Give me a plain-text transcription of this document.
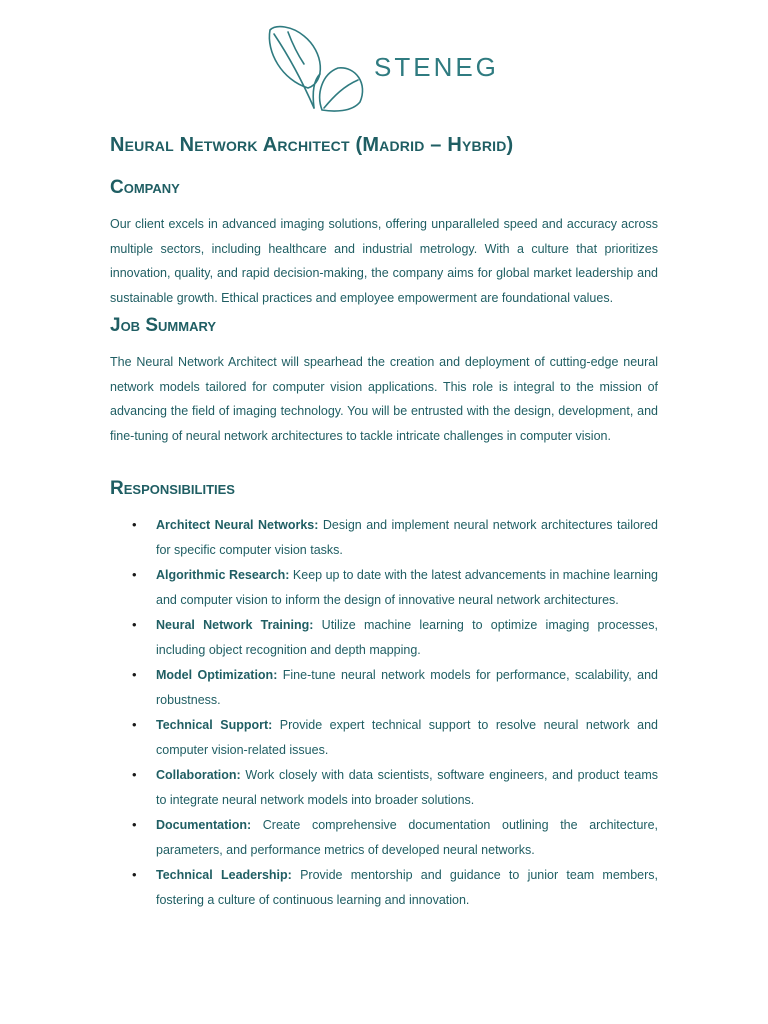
STENEG
Neural Network Architect (Madrid – Hybrid)
Company

Our client excels in advanced imaging solutions, offering unparalleled speed and accuracy across multiple sectors, including healthcare and industrial metrology. With a culture that prioritizes innovation, quality, and rapid decision-making, the company aims for global market leadership and sustainable growth. Ethical practices and employee empowerment are foundational values.

Job Summary

The Neural Network Architect will spearhead the creation and deployment of cutting-edge neural network models tailored for computer vision applications. This role is integral to the mission of advancing the field of imaging technology. You will be entrusted with the design, development, and fine-tuning of neural network architectures to tackle intricate challenges in computer vision.

Responsibilities
• Architect Neural Networks: Design and implement neural network architectures tailored for specific computer vision tasks.
• Algorithmic Research: Keep up to date with the latest advancements in machine learning and computer vision to inform the design of innovative neural network architectures.
• Neural Network Training: Utilize machine learning to optimize imaging processes, including object recognition and depth mapping.
• Model Optimization: Fine-tune neural network models for performance, scalability, and robustness.
• Technical Support: Provide expert technical support to resolve neural network and computer vision-related issues.
• Collaboration: Work closely with data scientists, software engineers, and product teams to integrate neural network models into broader solutions.
• Documentation: Create comprehensive documentation outlining the architecture, parameters, and performance metrics of developed neural networks.
• Technical Leadership: Provide mentorship and guidance to junior team members, fostering a culture of continuous learning and innovation.
